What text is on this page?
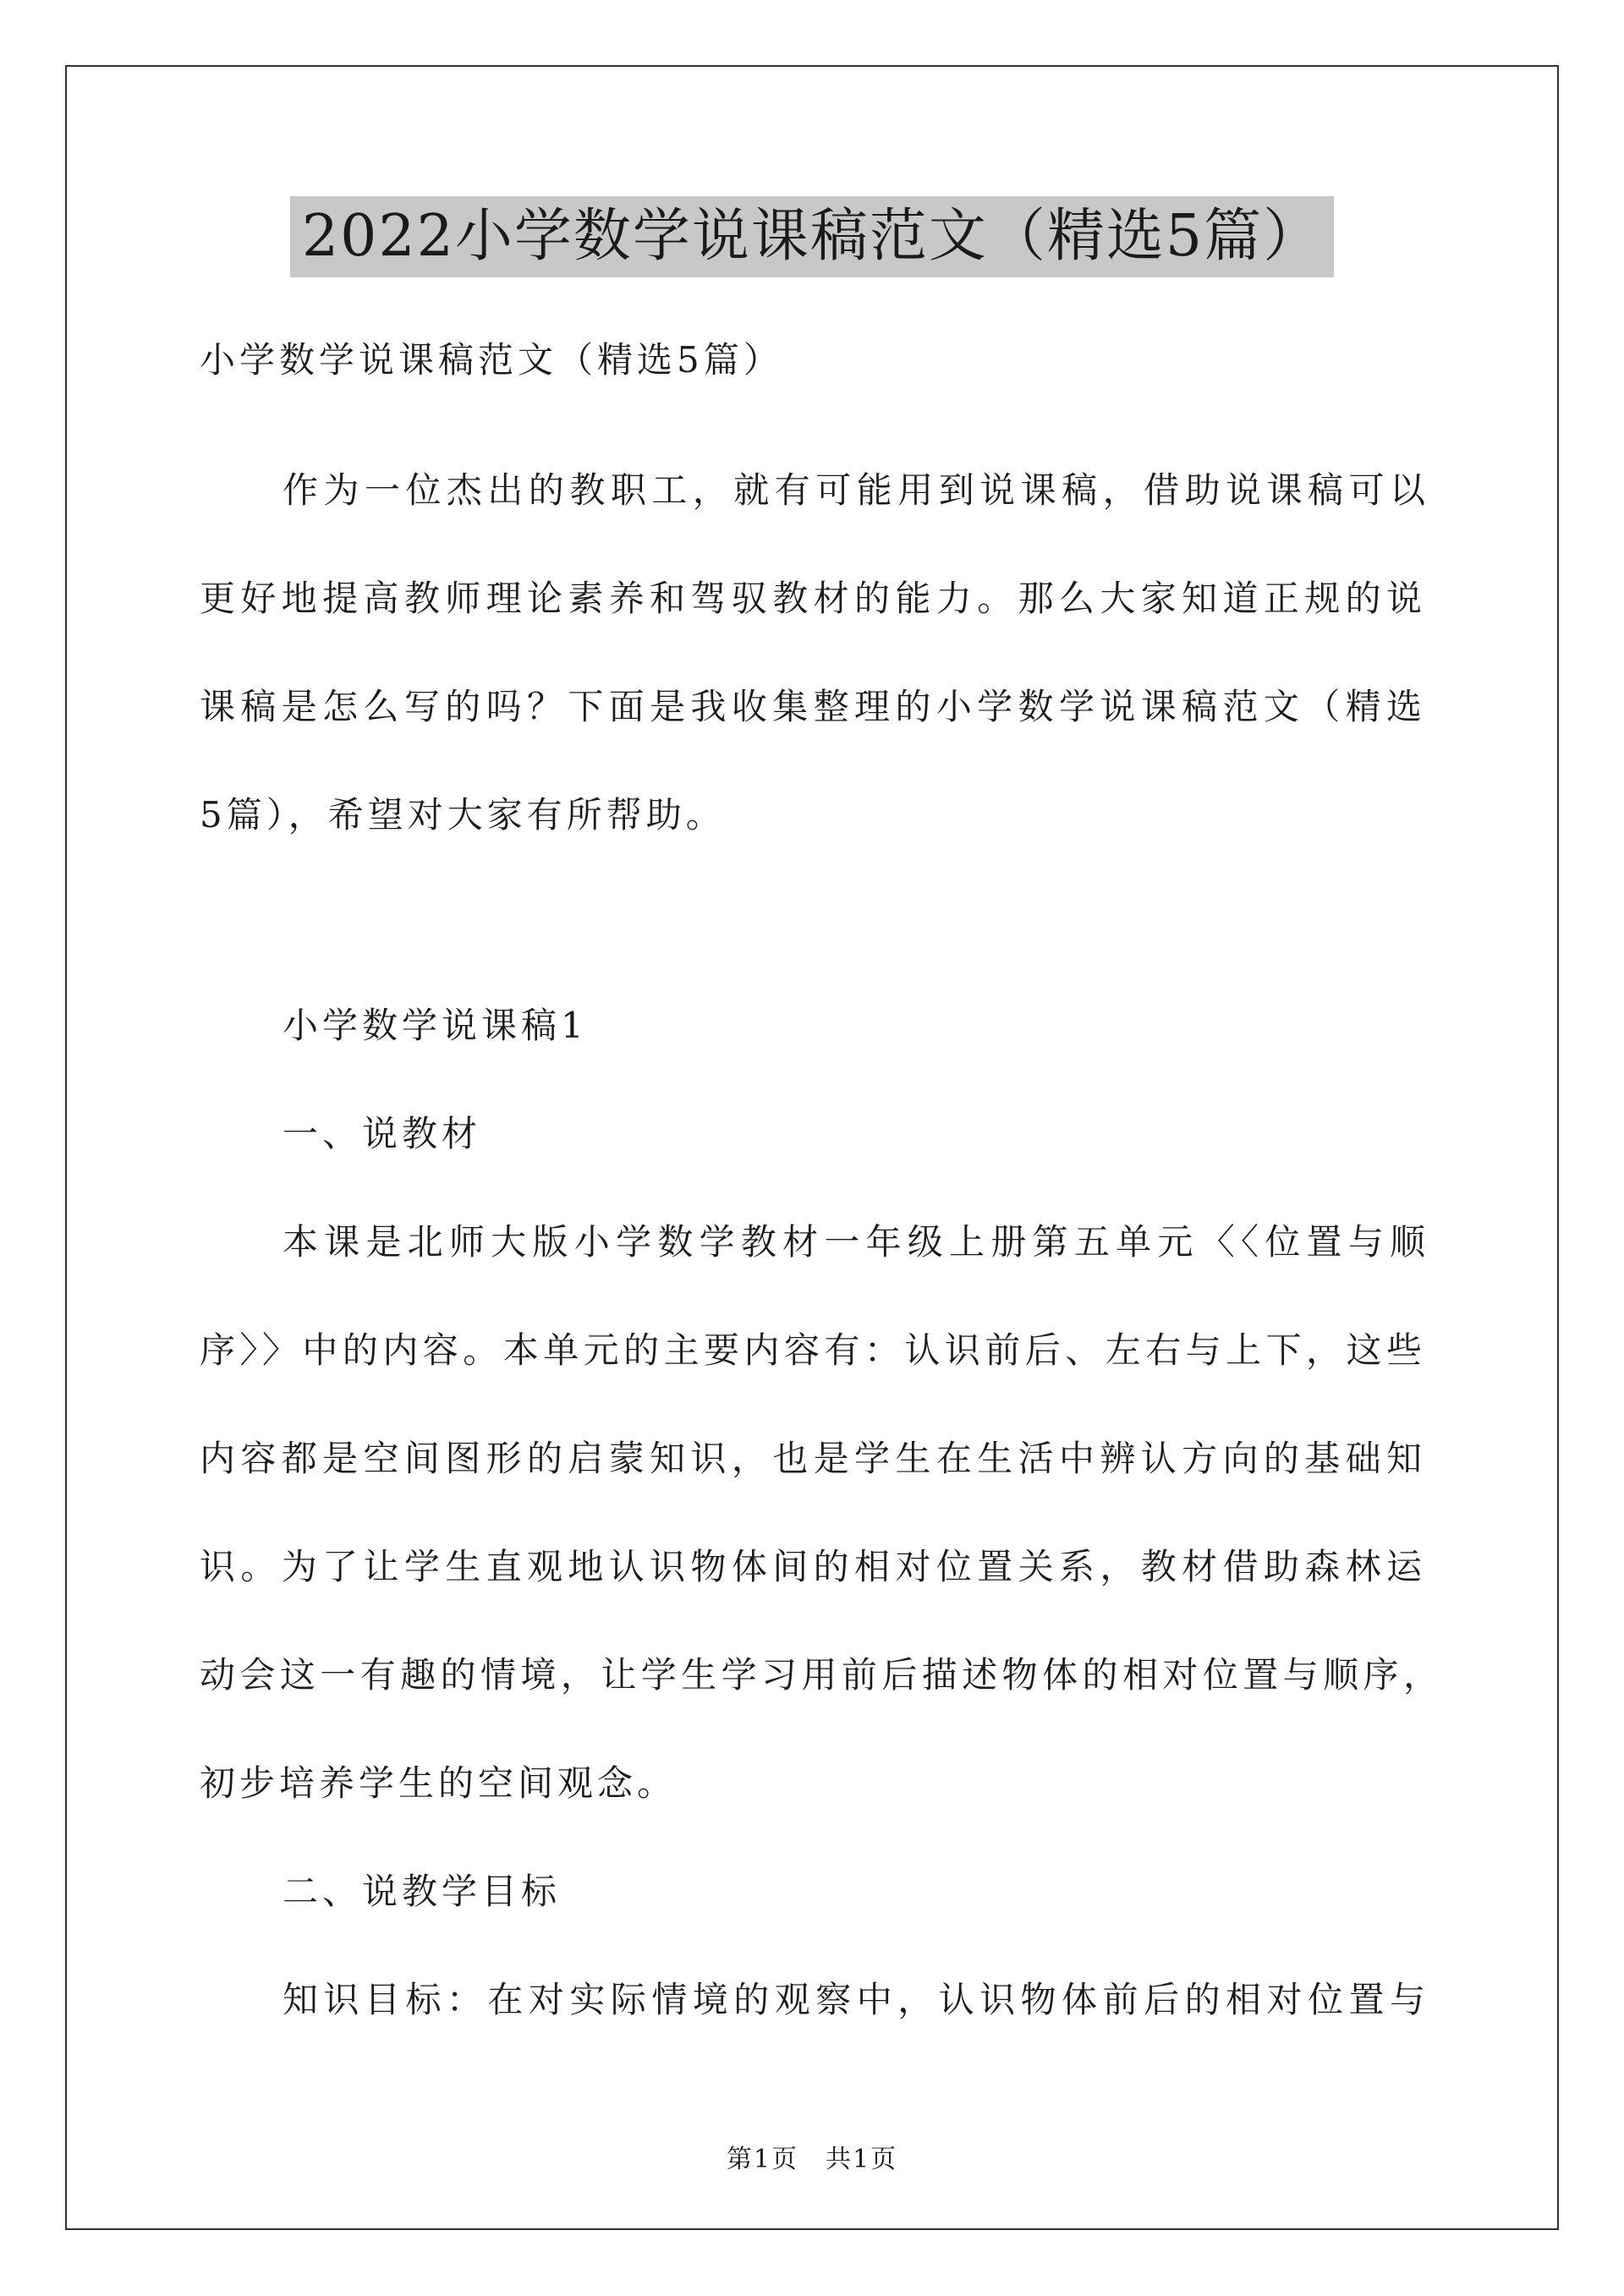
2022小学数学说课稿范文（精选5篇）
小学数学说课稿范文（精选5篇）
作为一位杰出的教职工，就有可能用到说课稿，借助说课稿可以
更好地提高教师理论素养和驾驭教材的能力。那么大家知道正规的说
课稿是怎么写的吗？下面是我收集整理的小学数学说课稿范文（精选
5篇），希望对大家有所帮助。
小学数学说课稿1
一、说教材
本课是北师大版小学数学教材一年级上册第五单元〈〈位置与顺
序〉〉中的内容。本单元的主要内容有：认识前后、左右与上下，这些
内容都是空间图形的启蒙知识，也是学生在生活中辨认方向的基础知
识。为了让学生直观地认识物体间的相对位置关系，教材借助森林运
动会这一有趣的情境，让学生学习用前后描述物体的相对位置与顺序，
初步培养学生的空间观念。
二、说教学目标
知识目标：在对实际情境的观察中，认识物体前后的相对位置与
第1页　共1页
